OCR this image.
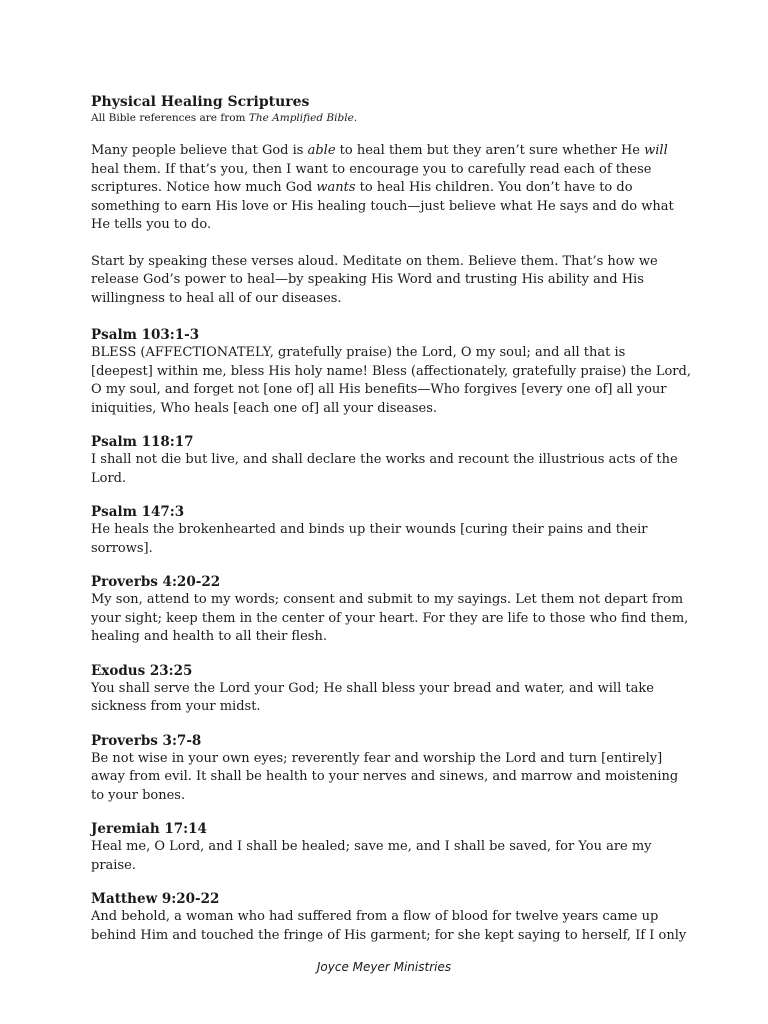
Physical Healing Scriptures
All Bible references are from The Amplified Bible.

Many people believe that God is able to heal them but they aren’t sure whether He will heal them. If that’s you, then I want to encourage you to carefully read each of these scriptures. Notice how much God wants to heal His children. You don’t have to do something to earn His love or His healing touch—just believe what He says and do what He tells you to do.

Start by speaking these verses aloud. Meditate on them. Believe them. That’s how we release God’s power to heal—by speaking His Word and trusting His ability and His willingness to heal all of our diseases.

Psalm 103:1-3
BLESS (AFFECTIONATELY, gratefully praise) the Lord, O my soul; and all that is [deepest] within me, bless His holy name! Bless (affectionately, gratefully praise) the Lord, O my soul, and forget not [one of] all His benefits—Who forgives [every one of] all your iniquities, Who heals [each one of] all your diseases.
Psalm 118:17
I shall not die but live, and shall declare the works and recount the illustrious acts of the Lord.
Psalm 147:3
He heals the brokenhearted and binds up their wounds [curing their pains and their sorrows].
Proverbs 4:20-22
My son, attend to my words; consent and submit to my sayings. Let them not depart from your sight; keep them in the center of your heart. For they are life to those who find them, healing and health to all their flesh.
Exodus 23:25
You shall serve the Lord your God; He shall bless your bread and water, and will take sickness from your midst.
Proverbs 3:7-8
Be not wise in your own eyes; reverently fear and worship the Lord and turn [entirely] away from evil. It shall be health to your nerves and sinews, and marrow and moistening to your bones.
Jeremiah 17:14
Heal me, O Lord, and I shall be healed; save me, and I shall be saved, for You are my praise.
Matthew 9:20-22
And behold, a woman who had suffered from a flow of blood for twelve years came up behind Him and touched the fringe of His garment; for she kept saying to herself, If I only
Joyce Meyer Ministries
